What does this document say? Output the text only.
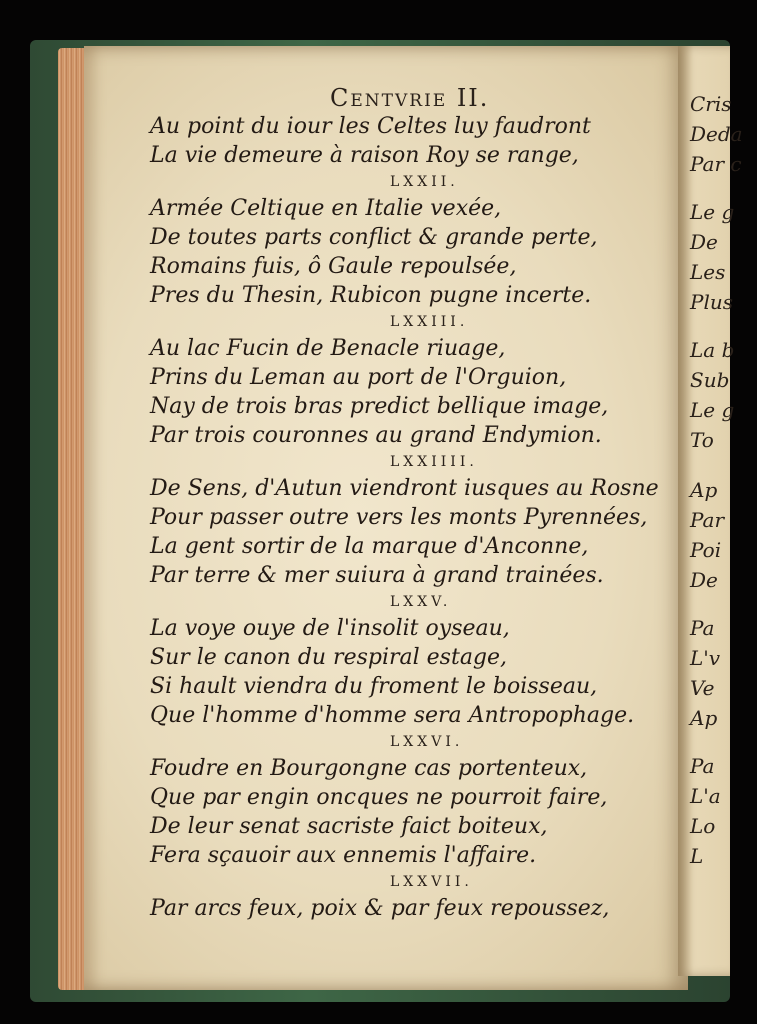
Centvrie II.
Au point du iour les Celtes luy faudront
La vie demeure à raison Roy se range,
LXXII.
Armée Celtique en Italie vexée,
De toutes parts conflict & grande perte,
Romains fuis, ô Gaule repoulsée,
Pres du Thesin, Rubicon pugne incerte.
LXXIII.
Au lac Fucin de Benacle riuage,
Prins du Leman au port de l'Orguion,
Nay de trois bras predict bellique image,
Par trois couronnes au grand Endymion.
LXXIIII.
De Sens, d'Autun viendront iusques au Rosne
Pour passer outre vers les monts Pyrennées,
La gent sortir de la marque d'Anconne,
Par terre & mer suiura à grand trainées.
LXXV.
La voye ouye de l'insolit oyseau,
Sur le canon du respiral estage,
Si hault viendra du froment le boisseau,
Que l'homme d'homme sera Antropophage.
LXXVI.
Foudre en Bourgongne cas portenteux,
Que par engin oncques ne pourroit faire,
De leur senat sacriste faict boiteux,
Fera sçauoir aux ennemis l'affaire.
LXXVII.
Par arcs feux, poix & par feux repoussez,
Cris
Deda
Par c
Le g
De
Les
Plus
La b
Sub
Le g
To
Ap
Par
Poi
De
Pa
L'v
Ve
Ap
Pa
L'a
Lo
L
